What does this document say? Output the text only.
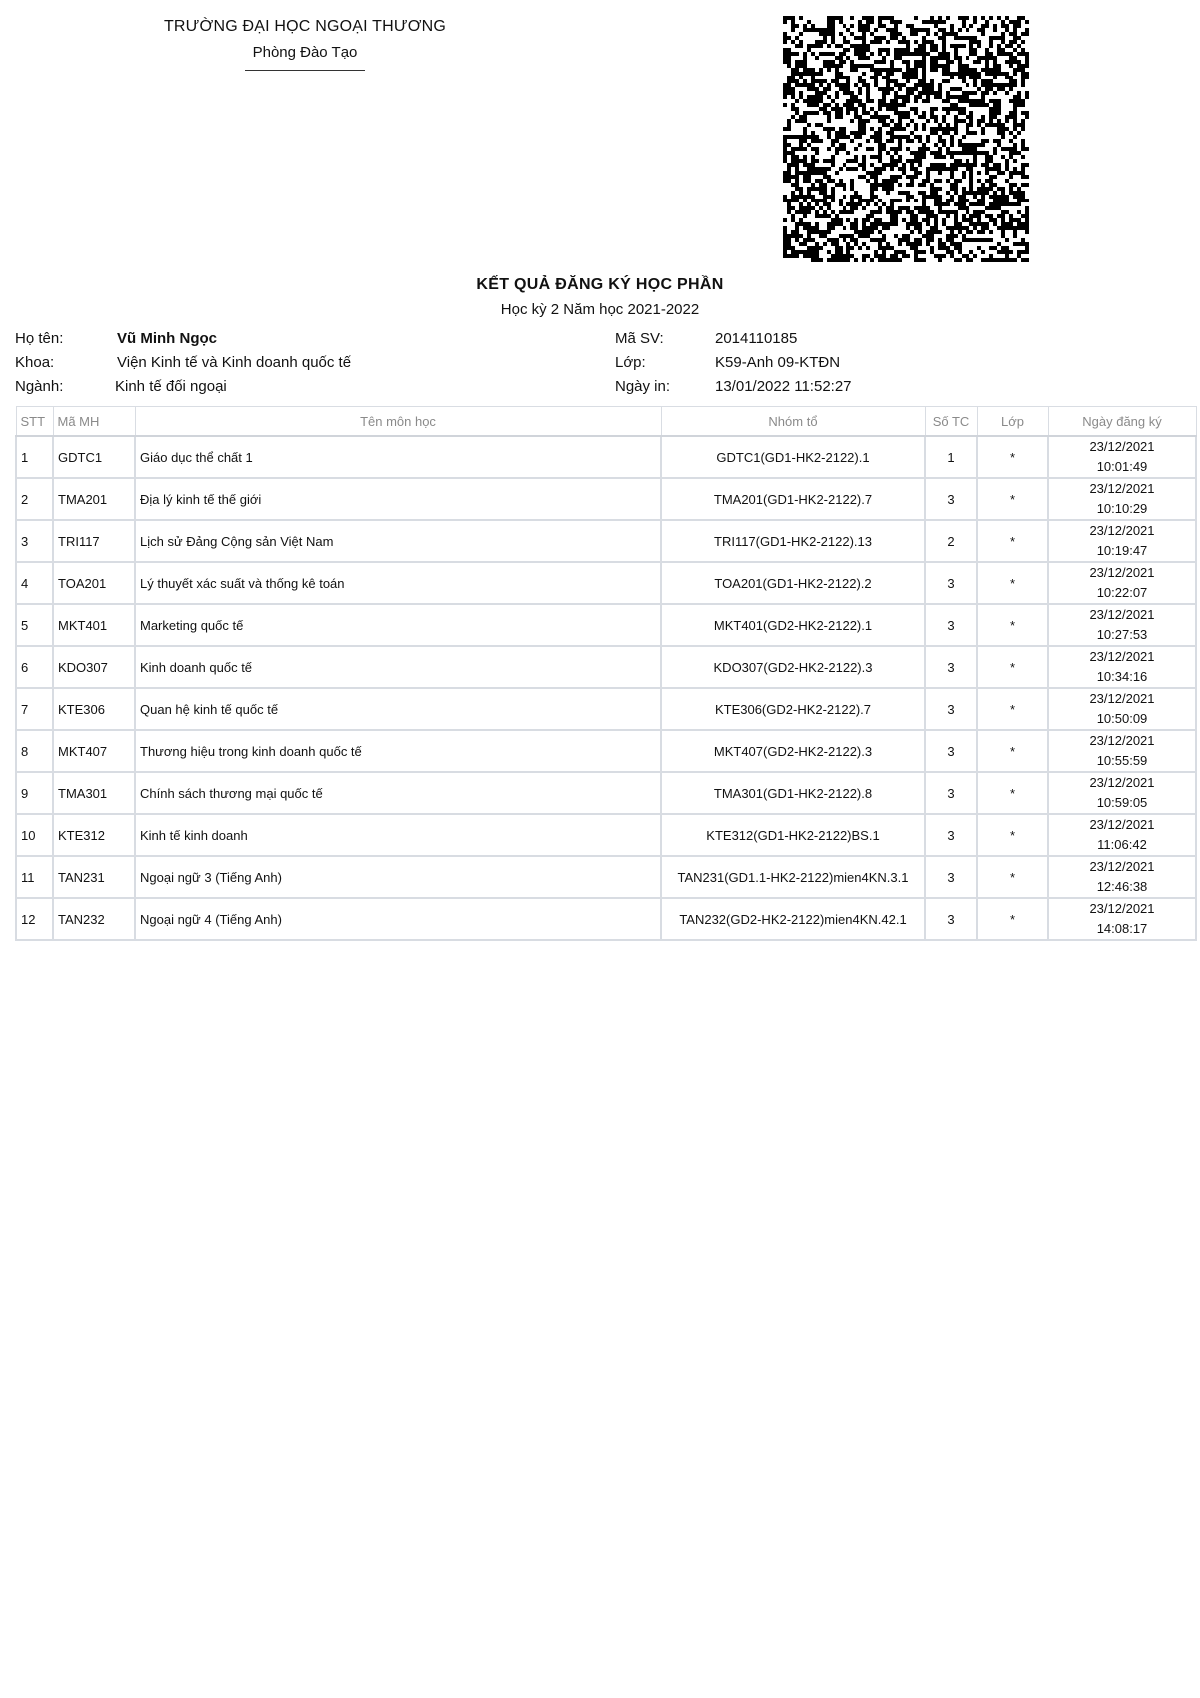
TRƯỜNG ĐẠI HỌC NGOẠI THƯƠNG
Phòng Đào Tạo
KẾT QUẢ ĐĂNG KÝ HỌC PHẦN
Học kỳ 2 Năm học 2021-2022
Họ tên:	Vũ Minh Ngọc
Khoa:	Viện Kinh tế và Kinh doanh quốc tế
Ngành:	Kinh tế đối ngoại
Mã SV:	2014110185
Lớp:	K59-Anh 09-KTĐN
Ngày in:	13/01/2022 11:52:27
STT	Mã MH	Tên môn học	Nhóm tổ	Số TC	Lớp	Ngày đăng ký
1	GDTC1	Giáo dục thể chất 1	GDTC1(GD1-HK2-2122).1	1	*	23/12/2021
10:01:49

2	TMA201	Địa lý kinh tế thế giới	TMA201(GD1-HK2-2122).7	3	*	23/12/2021
10:10:29

3	TRI117	Lịch sử Đảng Cộng sản Việt Nam	TRI117(GD1-HK2-2122).13	2	*	23/12/2021
10:19:47

4	TOA201	Lý thuyết xác suất và thống kê toán	TOA201(GD1-HK2-2122).2	3	*	23/12/2021
10:22:07

5	MKT401	Marketing quốc tế	MKT401(GD2-HK2-2122).1	3	*	23/12/2021
10:27:53

6	KDO307	Kinh doanh quốc tế	KDO307(GD2-HK2-2122).3	3	*	23/12/2021
10:34:16

7	KTE306	Quan hệ kinh tế quốc tế	KTE306(GD2-HK2-2122).7	3	*	23/12/2021
10:50:09

8	MKT407	Thương hiệu trong kinh doanh quốc tế	MKT407(GD2-HK2-2122).3	3	*	23/12/2021
10:55:59

9	TMA301	Chính sách thương mại quốc tế	TMA301(GD1-HK2-2122).8	3	*	23/12/2021
10:59:05

10	KTE312	Kinh tế kinh doanh	KTE312(GD1-HK2-2122)BS.1	3	*	23/12/2021
11:06:42

11	TAN231	Ngoại ngữ 3 (Tiếng Anh)	TAN231(GD1.1-HK2-2122)mien4KN.3.1	3	*	23/12/2021
12:46:38

12	TAN232	Ngoại ngữ 4 (Tiếng Anh)	TAN232(GD2-HK2-2122)mien4KN.42.1	3	*	23/12/2021
14:08:17
